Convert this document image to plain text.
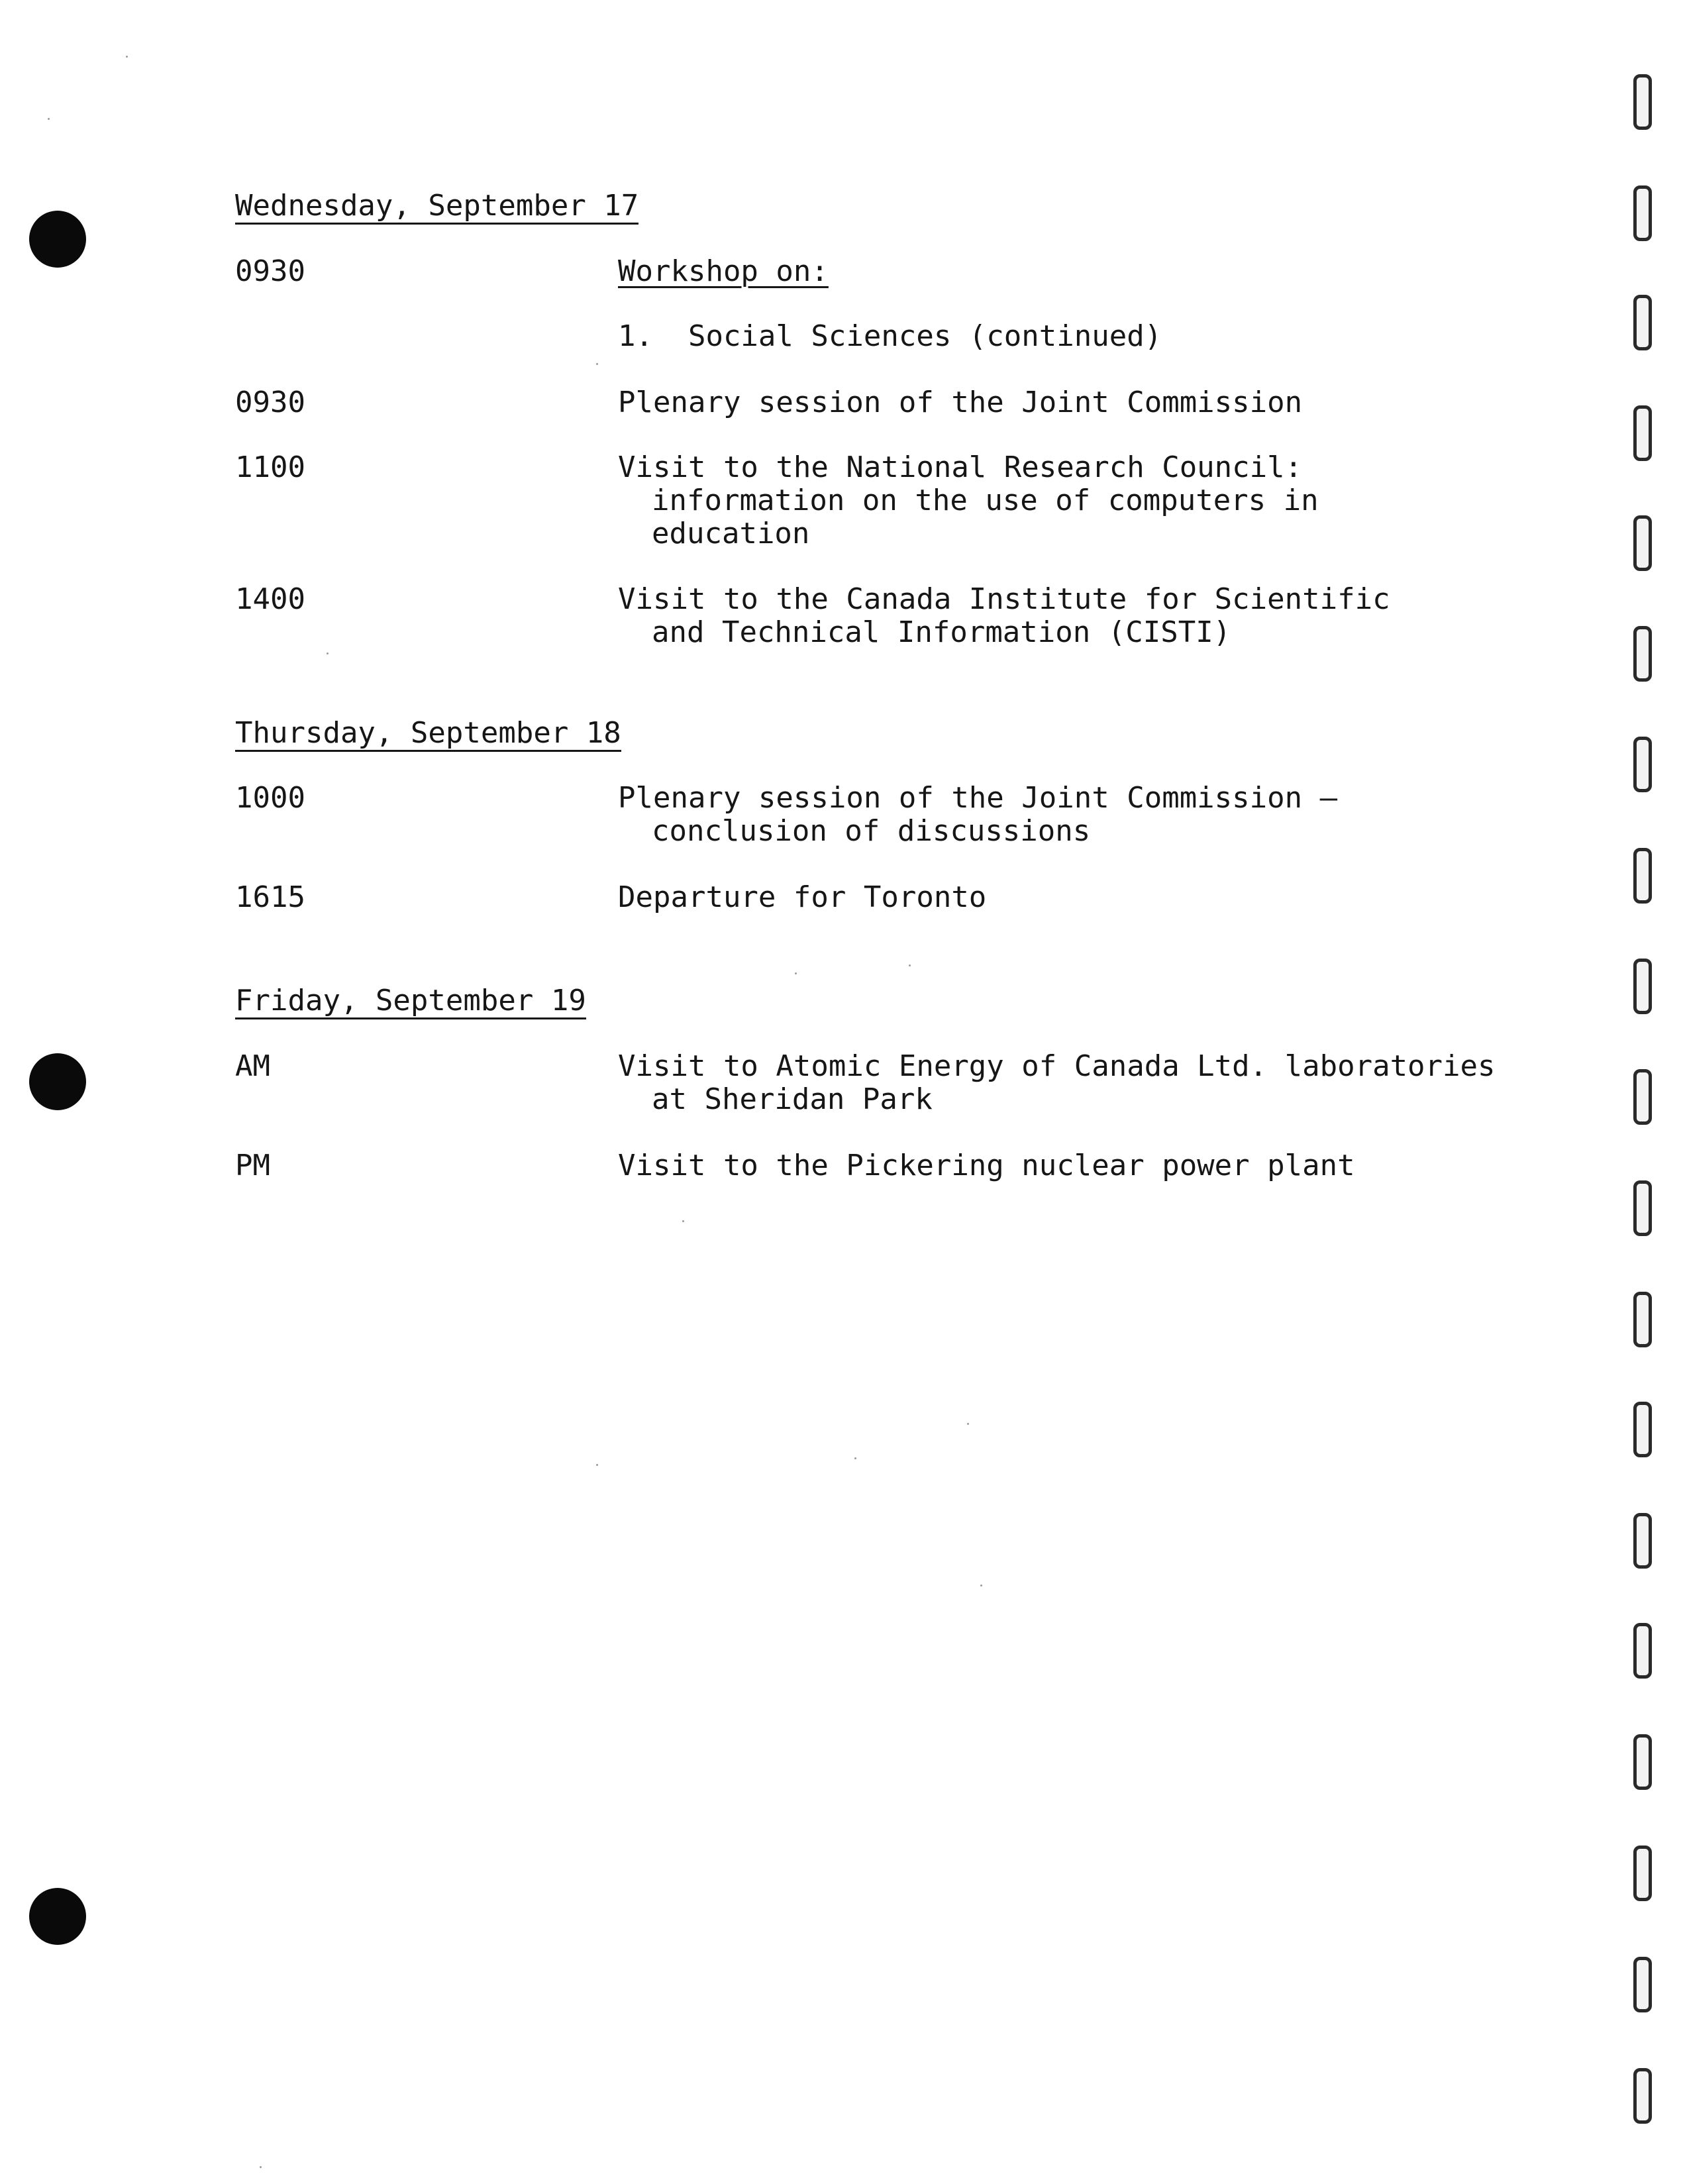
Wednesday, September 17
0930	Workshop on:
1.  Social Sciences (continued)
0930	Plenary session of the Joint Commission
1100	Visit to the National Research Council:
information on the use of computers in
education
1400	Visit to the Canada Institute for Scientific
and Technical Information (CISTI)
Thursday, September 18
1000	Plenary session of the Joint Commission –
conclusion of discussions
1615	Departure for Toronto
Friday, September 19
AM	Visit to Atomic Energy of Canada Ltd. laboratories
at Sheridan Park
PM	Visit to the Pickering nuclear power plant
